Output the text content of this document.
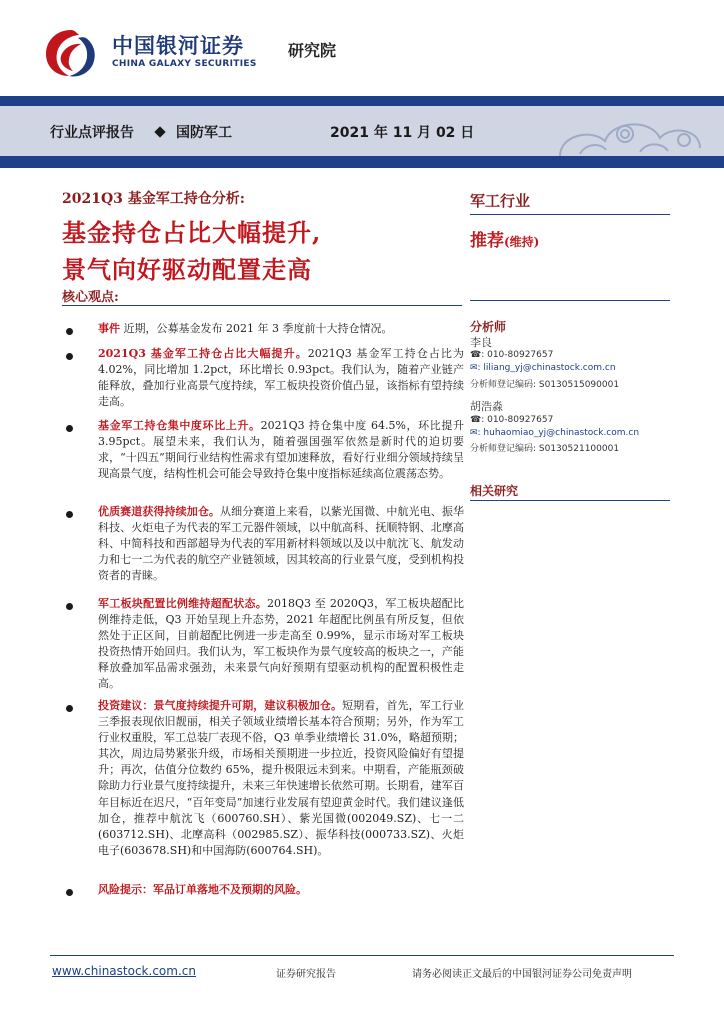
中国银河证券
CHINA GALAXY SECURITIES
研究院
行业点评报告	国防军工	2021 年 11 月 02 日
2021Q3 基金军工持仓分析:
基金持仓占比大幅提升,
景气向好驱动配置走高
核心观点:
军工行业
推荐(维持)
分析师
李良
☎: 010-80927657
✉: liliang_yj@chinastock.com.cn
分析师登记编码: S0130515090001
胡浩淼
☎: 010-80927657
✉: huhaomiao_yj@chinastock.com.cn
分析师登记编码: S0130521100001
相关研究
事件 近期，公募基金发布 2021 年 3 季度前十大持仓情况。
2021Q3 基金军工持仓占比大幅提升。2021Q3 基金军工持仓占比为 4.02%，同比增加 1.2pct，环比增长 0.93pct。我们认为，随着产业链产能释放，叠加行业高景气度持续，军工板块投资价值凸显，该指标有望持续走高。
基金军工持仓集中度环比上升。2021Q3 持仓集中度 64.5%，环比提升 3.95pct。展望未来，我们认为，随着强国强军依然是新时代的迫切要求，“十四五”期间行业结构性需求有望加速释放，看好行业细分领域持续呈现高景气度，结构性机会可能会导致持仓集中度指标延续高位震荡态势。
优质赛道获得持续加仓。从细分赛道上来看，以紫光国微、中航光电、振华科技、火炬电子为代表的军工元器件领域，以中航高科、抚顺特钢、北摩高科、中简科技和西部超导为代表的军用新材料领域以及以中航沈飞、航发动力和七一二为代表的航空产业链领域，因其较高的行业景气度，受到机构投资者的青睐。
军工板块配置比例维持超配状态。2018Q3 至 2020Q3，军工板块超配比例维持走低，Q3 开始呈现上升态势，2021 年超配比例虽有所反复，但依然处于正区间，目前超配比例进一步走高至 0.99%，显示市场对军工板块投资热情开始回归。我们认为，军工板块作为景气度较高的板块之一，产能释放叠加军品需求强劲，未来景气向好预期有望驱动机构的配置积极性走高。
投资建议：景气度持续提升可期，建议积极加仓。短期看，首先，军工行业三季报表现依旧靓丽，相关子领域业绩增长基本符合预期；另外，作为军工行业权重股，军工总装厂表现不俗，Q3 单季业绩增长 31.0%，略超预期；其次，周边局势紧张升级，市场相关预期进一步拉近，投资风险偏好有望提升；再次，估值分位数约 65%，提升极限远未到来。中期看，产能瓶颈破除助力行业景气度持续提升，未来三年快速增长依然可期。长期看，建军百年目标近在迟尺，“百年变局”加速行业发展有望迎黄金时代。我们建议逢低加仓，推荐中航沈飞（600760.SH）、紫光国微(002049.SZ)、七一二(603712.SH)、北摩高科（002985.SZ）、振华科技(000733.SZ)、火炬电子(603678.SH)和中国海防(600764.SH)。
风险提示：军品订单落地不及预期的风险。
www.chinastock.com.cn	证券研究报告	请务必阅读正文最后的中国银河证券公司免责声明
